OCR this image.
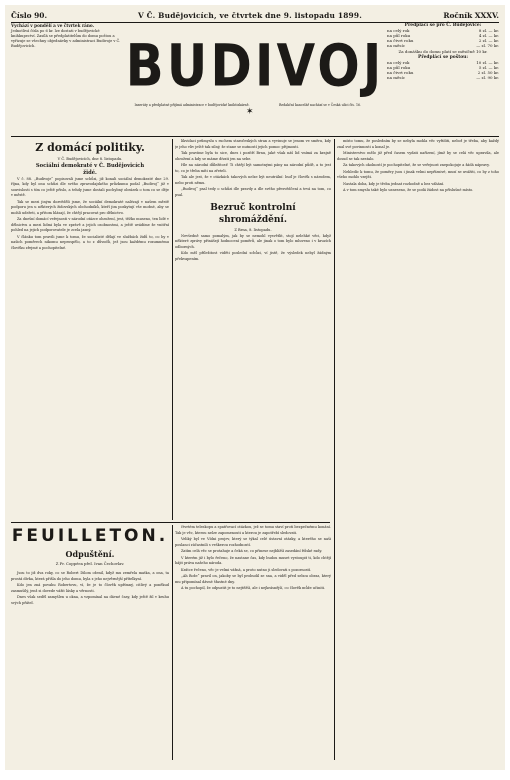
Číslo 90.	V Č. Budějovicích, ve čtvrtek dne 9. listopadu 1899.	Ročník XXXV.
Vychází v pondělí a ve čtvrtek ráno.
Jednotlivá čísla po 6 kr. lze dostati v budějovické knihkupectví. Zasílá se předplatitelům do domu poštou a vyřizuje se všechny objednávky v administraci Budivoje v Č. Budějovicích.	BUDIVOJ
Předplácí se pro Č. Budějovice:
na celý rok	8 zl. — kr.
na půl roku	4 zl. — kr.
na čtvrt roku	2 zl. — kr.
na měsíc	— zl. 70 kr.
Za donášku do domu platí se měsíčně 10 kr.
Předplácí se poštou:
na celý rok	10 zl. — kr.
na půl roku	5 zl. — kr.
na čtvrt roku	2 zl. 50 kr.
na měsíc	— zl. 90 kr.
Inseráty a předplatné přijímá administrace v budějovické knihtiskárně.	Redakční kancelář nachází se v Česká ulici čís. 16.
✶
Z domácí politiky.
V Č. Budějovicích, dne 8. listopadu.
Sociální demokraté v Č. Budějovicích
židé.

V č. 88. „Budivoje“ popisovali jsme schůzi, již konali sociální demokraté dne 29. října, kdy byl onu schůzi dle svého zpravodajského průzkumu podal „Budivoj“ již v souvislosti s tím co ještě přislo, a tehdy jsme dostali pochybný obrázek o tom co se děje v městě.

Tak se mezi jiným dozvěděli jsme, že sociální demokraté nalézají v našem městě podporu jen u některých židovských obchodníků, kteří jim poskytují vše možné, aby se mohli udržeti, a přitom hlásají, že chtějí pracovat pro dělnictvo.

Za dnešní domácí veřejnosti v národní otázce ohrožení, jest, těžko museno, ten lidé v dělnictvu a mezi lidmi byla ve zprávě a jejich osobnostmi, a ještě uvádíme že vnitřní pohled na jejich podporovatele je zcela jasný.

V článku tom pravili jsme k tomu, že socialisté dělají ve službách židů to, co by v našich poměrech nikomu neprospělo, a to z důvodů, jež jsou každému rozumnému člověku zřejmé a pochopitelné.

likvidaci průmyslu s ruchem staročeských stran a vyvinuje se jenom ve směru, kdy je jeho vliv ještě tak silný, že stane se nutností jejich pomoc přijmouti.

Tak pravíme byla to sice, dnes i pozítří Brnu, jaké však náš lid vnímá za krajně ohrožení a kdy se máme dívati jen na sebe.

Hle na národní důležitost! Ti chtějí být samotnými pány na národní půdě, a to jest to, co je třeba míti na zřeteli.

Tak ale jest, že v otázkách takových nelze být neutrální: buď je člověk s národem, nebo proti němu.

„Budivoj“ psal tedy o schůzi dle pravdy a dle svého přesvědčení a trvá na tom, co psal.

Bezruč kontrolní shromáždění.
Z Brna, 8. listopadu.

Nevšedně samo pomalým, jak by se nemohl vysvětlit, stojí nelehké věci, když některé zprávy přinášejí hodnocení poměrů, ale jinak o tom bylo mluveno i v kruzích odborných.

Kdo měl příležitost viděti poslední schůzi, ví jistě, že výsledek nebyl žádným překvapením.

místo tomu, že posledním by se nebyla mohla věc vyříditi, neboť je třeba, aby každý znal své povinnosti a konal je.

Ministerstvo mělo již před časem vydati nařízení, jímž by se celá věc upravila, ale dosud se tak nestalo.

Za takových okolností je pochopitelné, že se veřejnost znepokojuje a žádá nápravy.

Nehledíc k tomu, že poměry jsou i jinak velmi nepříznivé, musí se uvážiti, co by z toho všeho mohlo vzejíti.

Nastala doba, kdy je třeba jednat rozhodně a bez váhání.

A v tom smyslu také bylo usneseno, že se podá žádost na příslušné místo.

FEUILLETON.
Odpuštění.
Z Fr. Coppéea přel. Ivan Čechovlav.

Jsou to již dva roky, co se Robert Dilom oženil, když mu zemřela matka, a ona, ta prostá dívka, která přišla do jeho domu, byla z jeho nejvěrnější přítelkyní.

Kdo jen zná povahu Robertovu, ví, že je to člověk upřímný, citlivý a poněkud zasmušilý, jenž si dovede vážit lásky a věrnosti.

Dnes však seděl zamyšlen u okna, a vzpomínal na dávné časy, kdy ještě žil v kruhu svých přátel.

čtvrtém teleskopu a spatřovací otázkou, jež se tomu staví proti bezpečnému konání. Tak je věc, kterou nelze zapomenouti a kterou je zapotřebí sledovati.

Veliký byl ve Vídni projev, který se týkal celé ústavní otázky, a kterého se naši poslanci zúčastnili s veškerou rozhodností.

Zatím celá věc se protahuje a čeká se, co přinese nejbližší zasedání říšské rady.

V kterém již i bylo řečeno, že nastane čas, kdy budou muset vystoupit ti, kdo chtějí hájit práva našeho národa.

Krátce řečeno, věc je velmi vážná, a proto nutno ji sledovati s pozorností.

„Ah Bože“ pravil on, jakoby se byl probudil ze sna, a viděl před sebou obraz, který mu připomínal dávné šťastné dny.

A tu pochopil, že odpustit je to nejtěžší, ale i nejkrásnější, co člověk může učiniti.
